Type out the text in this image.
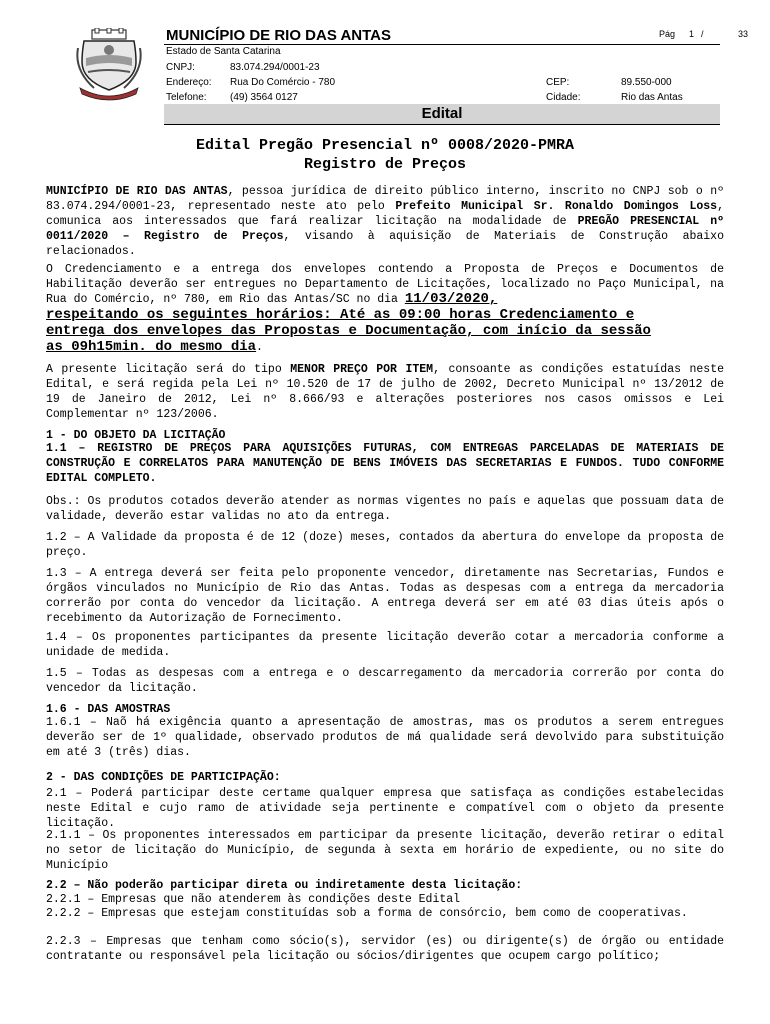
MUNICÍPIO DE RIO DAS ANTAS	Pág 1 /	33
Estado de Santa Catarina
CNPJ:	83.074.294/0001-23
Endereço: Rua Do Comércio - 780	CEP:	89.550-000
Telefone: (49) 3564 0127	Cidade:	Rio das Antas
Edital
Edital Pregão Presencial nº 0008/2020-PMRA
Registro de Preços
MUNICÍPIO DE RIO DAS ANTAS, pessoa jurídica de direito público interno, inscrito no CNPJ sob o nº 83.074.294/0001-23, representado neste ato pelo Prefeito Municipal Sr. Ronaldo Domingos Loss, comunica aos interessados que fará realizar licitação na modalidade de PREGÃO PRESENCIAL nº 0011/2020 – Registro de Preços, visando à aquisição de Materiais de Construção abaixo relacionados.
O Credenciamento e a entrega dos envelopes contendo a Proposta de Preços e Documentos de Habilitação deverão ser entregues no Departamento de Licitações, localizado no Paço Municipal, na Rua do Comércio, nº 780, em Rio das Antas/SC no dia 11/03/2020,
respeitando os seguintes horários: Até as 09:00 horas Credenciamento e
entrega dos envelopes das Propostas e Documentação, com início da sessão
as 09h15min. do mesmo dia.
A presente licitação será do tipo MENOR PREÇO POR ITEM, consoante as condições estatuídas neste Edital, e será regida pela Lei nº 10.520 de 17 de julho de 2002, Decreto Municipal nº 13/2012 de 19 de Janeiro de 2012, Lei nº 8.666/93 e alterações posteriores nos casos omissos e Lei Complementar nº 123/2006.
1 - DO OBJETO DA LICITAÇÃO
1.1 – REGISTRO DE PREÇOS PARA AQUISIÇÕES FUTURAS, COM ENTREGAS PARCELADAS DE MATERIAIS DE CONSTRUÇÃO E CORRELATOS PARA MANUTENÇÃO DE BENS IMÓVEIS DAS SECRETARIAS E FUNDOS. TUDO CONFORME EDITAL COMPLETO.
Obs.: Os produtos cotados deverão atender as normas vigentes no país e aquelas que possuam data de validade, deverão estar validas no ato da entrega.
1.2 – A Validade da proposta é de 12 (doze) meses, contados da abertura do envelope da proposta de preço.
1.3 – A entrega deverá ser feita pelo proponente vencedor, diretamente nas Secretarias, Fundos e órgãos vinculados no Município de Rio das Antas. Todas as despesas com a entrega da mercadoria correrão por conta do vencedor da licitação. A entrega deverá ser em até 03 dias úteis após o recebimento da Autorização de Fornecimento.
1.4 – Os proponentes participantes da presente licitação deverão cotar a mercadoria conforme a unidade de medida.
1.5 – Todas as despesas com a entrega e o descarregamento da mercadoria correrão por conta do vencedor da licitação.
1.6 - DAS AMOSTRAS
1.6.1 – Naõ há exigência quanto a apresentação de amostras, mas os produtos a serem entregues deverão ser de 1º qualidade, observado produtos de má qualidade será devolvido para substituição em até 3 (três) dias.
2 - DAS CONDIÇÕES DE PARTICIPAÇÃO:
2.1 – Poderá participar deste certame qualquer empresa que satisfaça as condições estabelecidas neste Edital e cujo ramo de atividade seja pertinente e compatível com o objeto da presente licitação.
2.1.1 – Os proponentes interessados em participar da presente licitação, deverão retirar o edital no setor de licitação do Município, de segunda à sexta em horário de expediente, ou no site do Município
2.2 – Não poderão participar direta ou indiretamente desta licitação:
2.2.1 – Empresas que não atenderem às condições deste Edital
2.2.2 – Empresas que estejam constituídas sob a forma de consórcio, bem como de cooperativas.
2.2.3 – Empresas que tenham como sócio(s), servidor (es) ou dirigente(s) de órgão ou entidade contratante ou responsável pela licitação ou sócios/dirigentes que ocupem cargo político;
